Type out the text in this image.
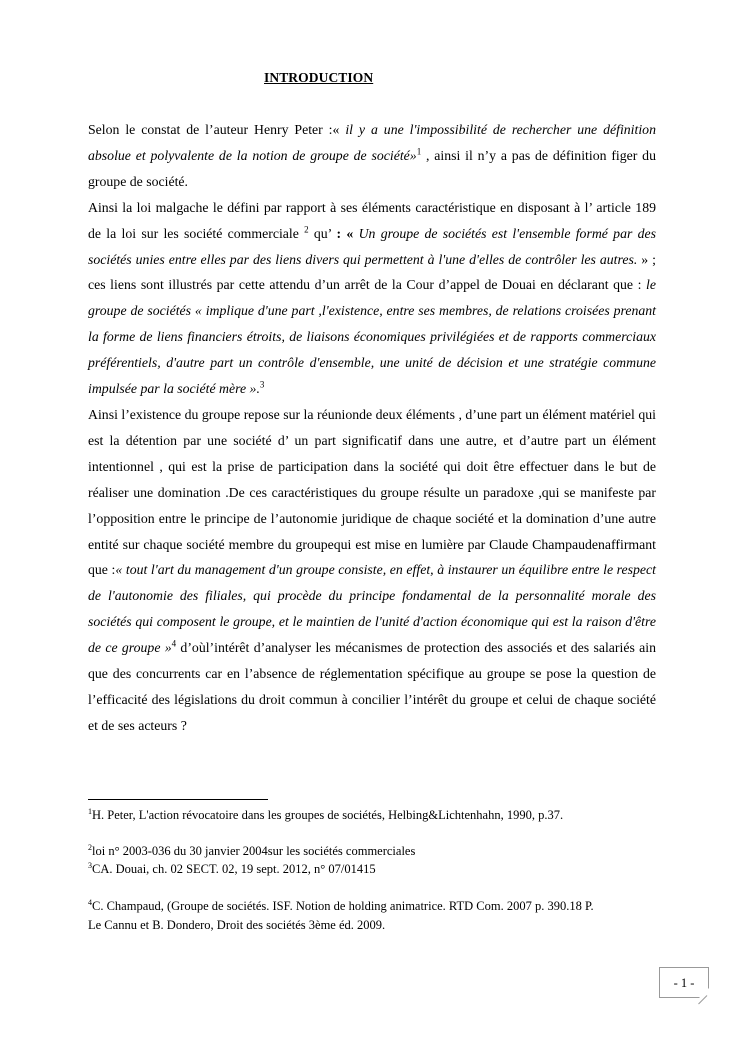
INTRODUCTION

Selon le constat de l’auteur Henry Peter :« il y a une l'impossibilité de rechercher une définition absolue et polyvalente de la notion de groupe de société»$^1$ , ainsi il n’y a pas de définition figer du groupe de société.

Ainsi la loi malgache le défini par rapport à ses éléments caractéristique en disposant à l’ article 189 de la loi sur les société commerciale $^2$ qu’ : « Un groupe de sociétés est l'ensemble formé par des sociétés unies entre elles par des liens divers qui permettent à l'une d'elles de contrôler les autres. » ; ces liens sont illustrés par cette attendu d’un arrêt de la Cour d’appel de Douai en déclarant que : le groupe de sociétés « implique d'une part ,l'existence, entre ses membres, de relations croisées prenant la forme de liens financiers étroits, de liaisons économiques privilégiées et de rapports commerciaux préférentiels, d'autre part un contrôle d'ensemble, une unité de décision et une stratégie commune impulsée par la société mère ».$^3$

Ainsi l’existence du groupe repose sur la réunionde deux éléments , d’une part un élément matériel qui est la détention par une société d’ un part significatif dans une autre, et d’autre part un élément intentionnel , qui est la prise de participation dans la société qui doit être effectuer dans le but de réaliser une domination .De ces caractéristiques du groupe résulte un paradoxe ,qui se manifeste par l’opposition entre le principe de l’autonomie juridique de chaque société et la domination d’une autre entité sur chaque société membre du groupequi est mise en lumière par Claude Champaudenaffirmant que :« tout l'art du management d'un groupe consiste, en effet, à instaurer un équilibre entre le respect de l'autonomie des filiales, qui procède du principe fondamental de la personnalité morale des sociétés qui composent le groupe, et le maintien de l'unité d'action économique qui est la raison d'être de ce groupe »$^4$ d’oùl’intérêt d’analyser les mécanismes de protection des associés et des salariés ain que des concurrents car en l’absence de réglementation spécifique au groupe se pose la question de l’efficacité des législations du droit commun à concilier l’intérêt du groupe et celui de chaque société et de ses acteurs ?

$^1$H. Peter, L'action révocatoire dans les groupes de sociétés, Helbing&Lichtenhahn, 1990, p.37.

$^2$loi n° 2003-036 du 30 janvier 2004sur les sociétés commerciales

$^3$CA. Douai, ch. 02 SECT. 02, 19 sept. 2012, n° 07/01415

$^4$C. Champaud, (Groupe de sociétés. ISF. Notion de holding animatrice. RTD Com. 2007 p. 390.18 P. Le Cannu et B. Dondero, Droit des sociétés 3ème éd. 2009.

- 1 -
